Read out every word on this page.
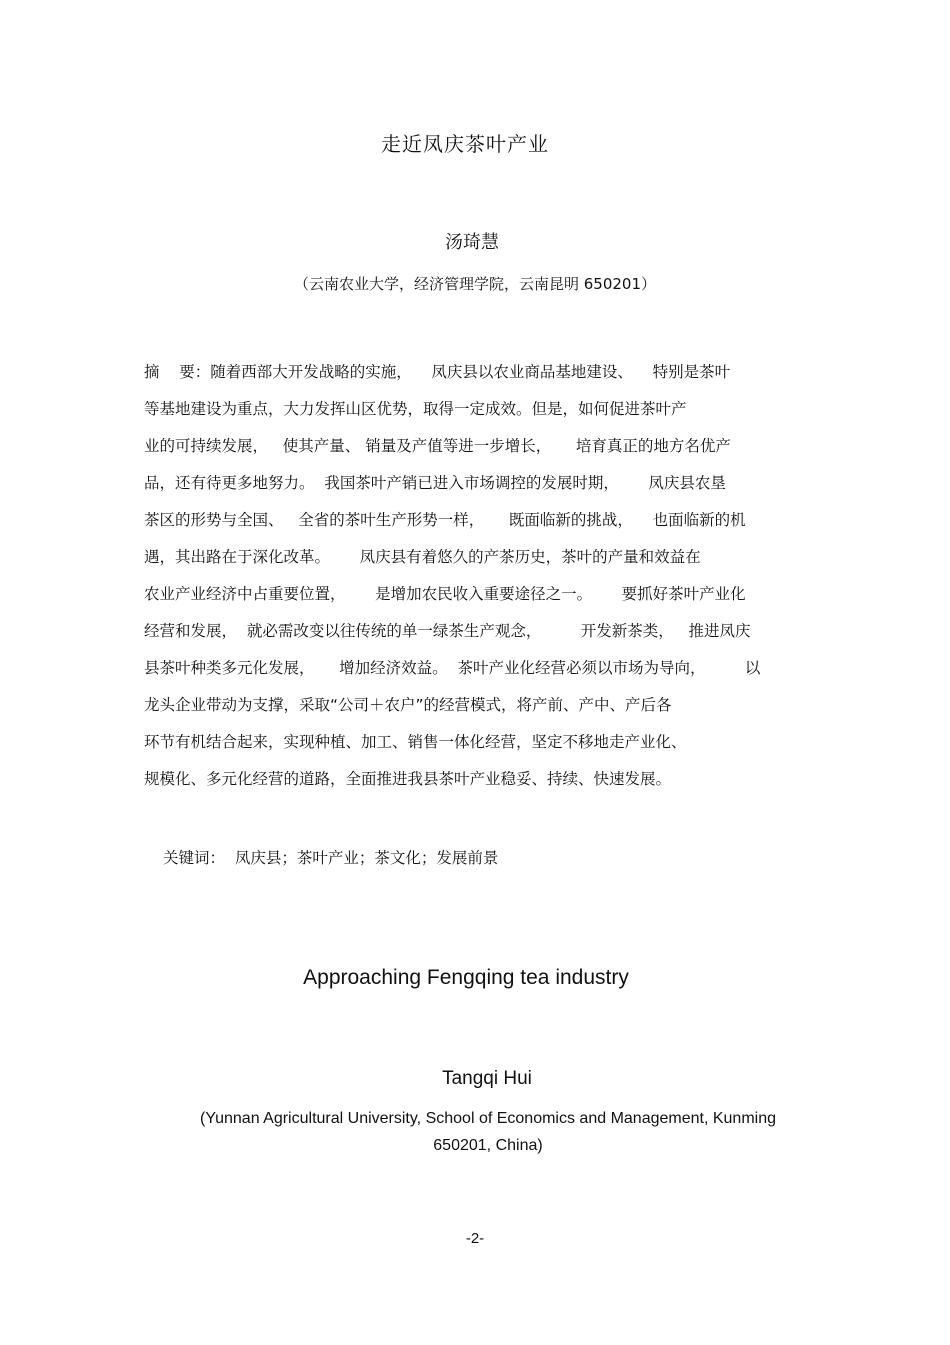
走近凤庆茶叶产业
汤琦慧
（云南农业大学，经济管理学院，云南昆明 650201）
摘    要：随着西部大开发战略的实施，    凤庆县以农业商品基地建设、    特别是茶叶
等基地建设为重点，大力发挥山区优势，取得一定成效。但是，如何促进茶叶产
业的可持续发展，   使其产量、 销量及产值等进一步增长，     培育真正的地方名优产
品，还有待更多地努力。  我国茶叶产销已进入市场调控的发展时期，      凤庆县农垦
茶区的形势与全国、   全省的茶叶生产形势一样，     既面临新的挑战，    也面临新的机
遇，其出路在于深化改革。      凤庆县有着悠久的产茶历史，茶叶的产量和效益在
农业产业经济中占重要位置，      是增加农民收入重要途径之一。      要抓好茶叶产业化
经营和发展，  就必需改变以往传统的单一绿茶生产观念，        开发新茶类，   推进凤庆
县茶叶种类多元化发展，     增加经济效益。  茶叶产业化经营必须以市场为导向，        以
龙头企业带动为支撑，采取“公司＋农户”的经营模式，将产前、产中、产后各
环节有机结合起来，实现种植、加工、销售一体化经营，坚定不移地走产业化、
规模化、多元化经营的道路，全面推进我县茶叶产业稳妥、持续、快速发展。
关键词：  凤庆县；茶叶产业；茶文化；发展前景
Approaching Fengqing tea industry
Tangqi Hui
(Yunnan Agricultural University, School of Economics and Management, Kunming
650201, China)
-2-
